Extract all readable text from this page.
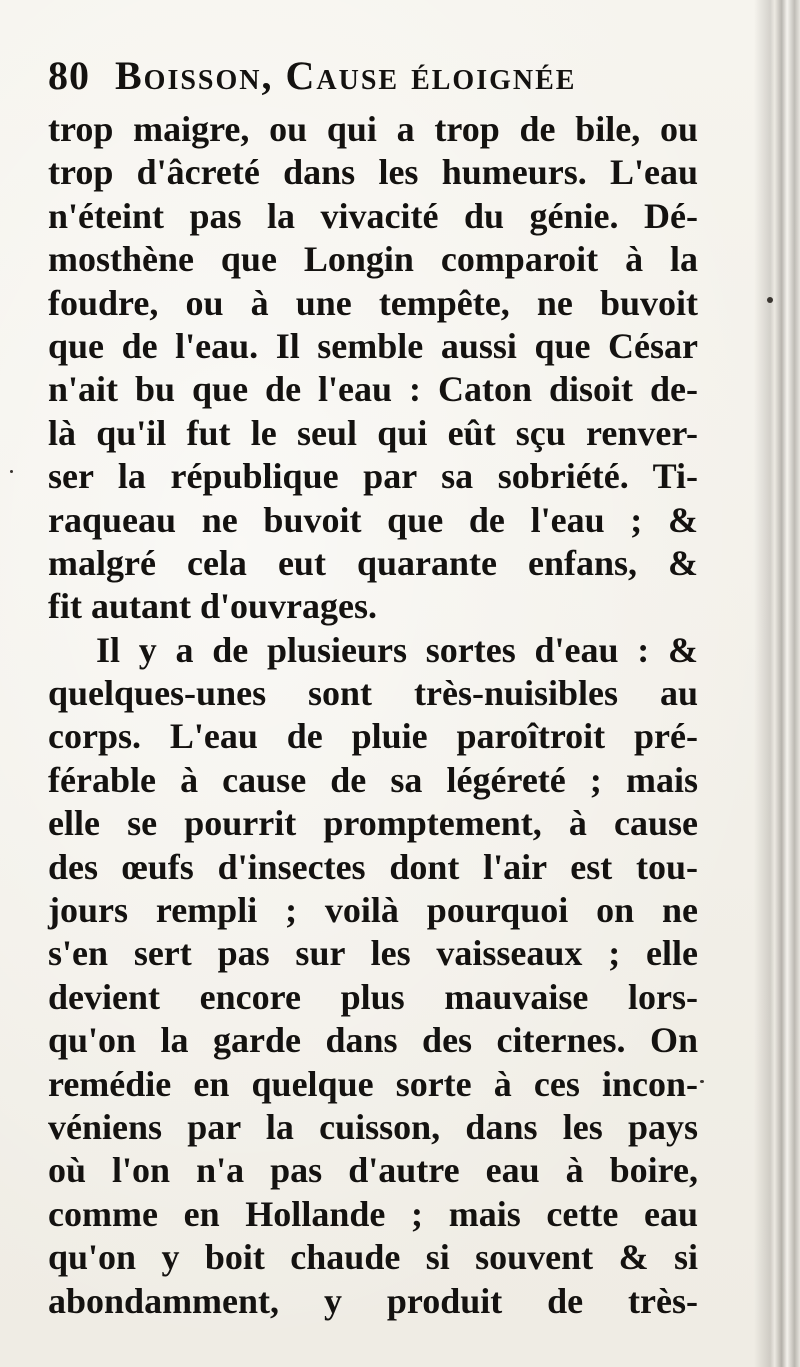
80 Boisson, Cause éloignée
trop maigre, ou qui a trop de bile, ou
trop d'âcreté dans les humeurs. L'eau
n'éteint pas la vivacité du génie. Dé-
mosthène que Longin comparoit à la
foudre, ou à une tempête, ne buvoit
que de l'eau. Il semble aussi que César
n'ait bu que de l'eau : Caton disoit de-
là qu'il fut le seul qui eût sçu renver-
ser la république par sa sobriété. Ti-
raqueau ne buvoit que de l'eau ; &
malgré cela eut quarante enfans, &
fit autant d'ouvrages.
Il y a de plusieurs sortes d'eau : &
quelques-unes sont très-nuisibles au
corps. L'eau de pluie paroîtroit pré-
férable à cause de sa légéreté ; mais
elle se pourrit promptement, à cause
des œufs d'insectes dont l'air est tou-
jours rempli ; voilà pourquoi on ne
s'en sert pas sur les vaisseaux ; elle
devient encore plus mauvaise lors-
qu'on la garde dans des citernes. On
remédie en quelque sorte à ces incon-
véniens par la cuisson, dans les pays
où l'on n'a pas d'autre eau à boire,
comme en Hollande ; mais cette eau
qu'on y boit chaude si souvent & si
abondamment, y produit de très-
